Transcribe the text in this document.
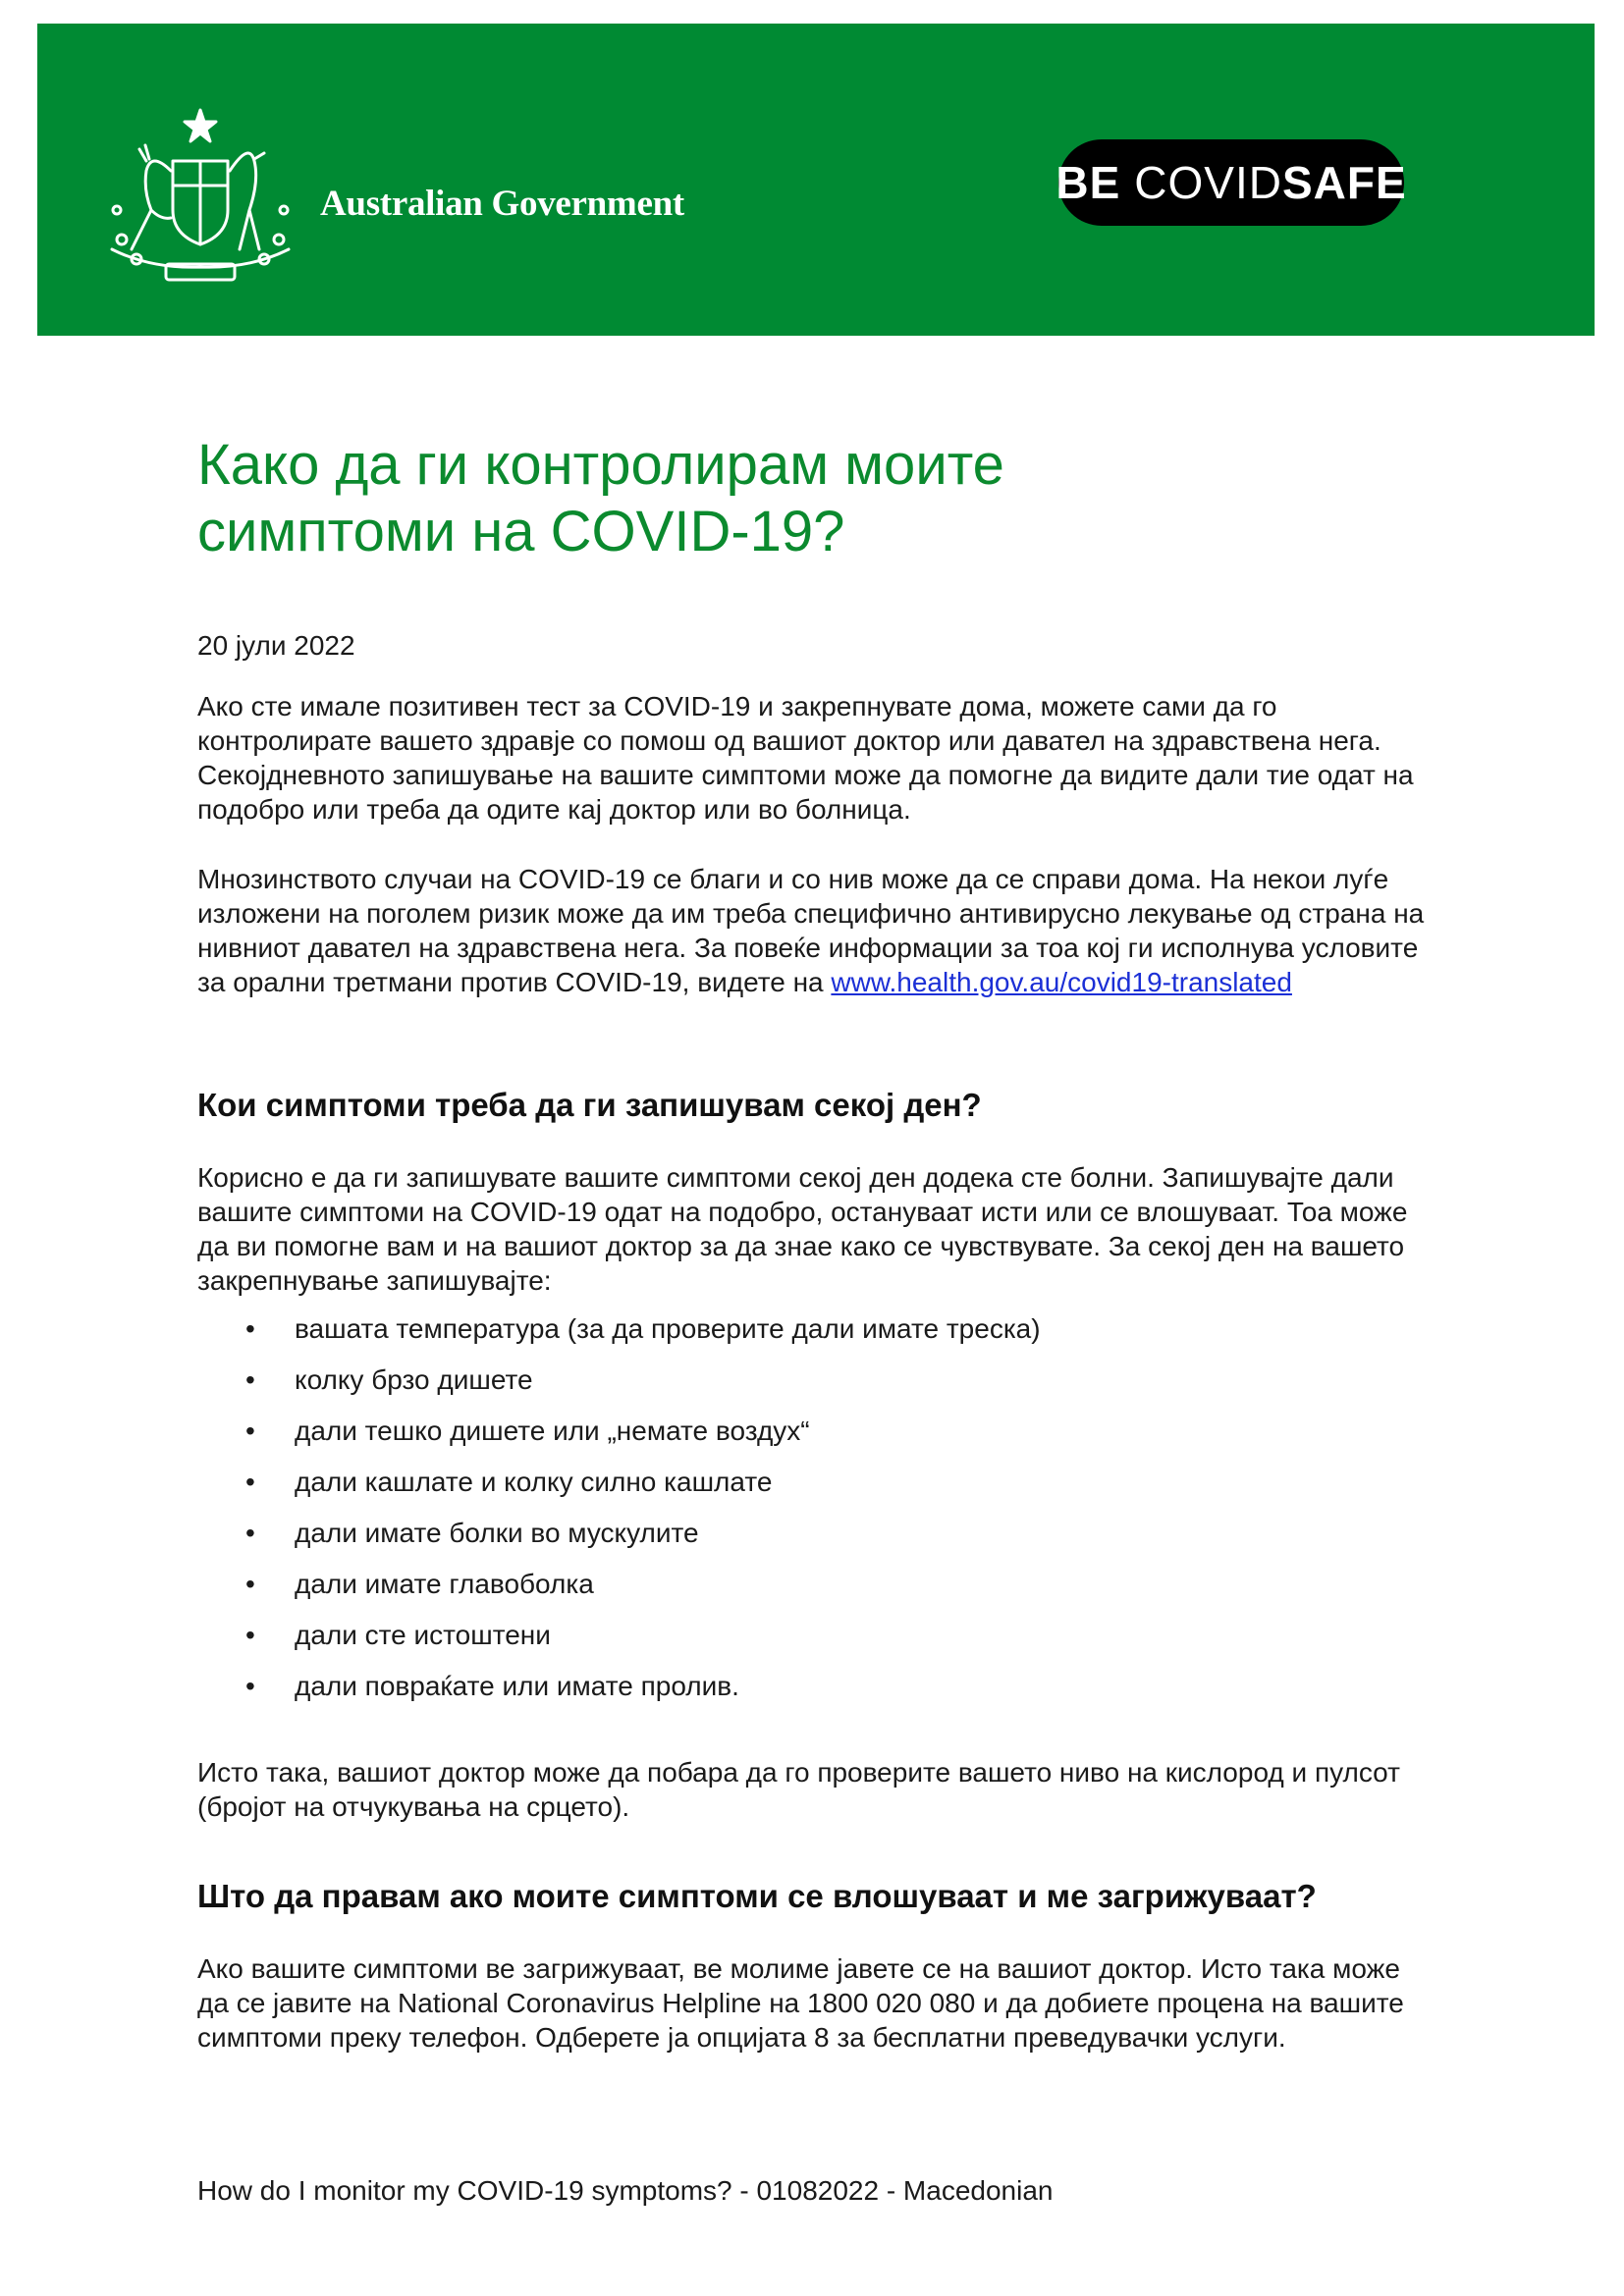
Australian Government	BE COVID SAFE
Како да ги контролирам моите
симптоми на COVID-19?
20 јули 2022

Ако сте имале позитивен тест за COVID-19 и закрепнувате дома, можете сами да го контролирате вашето здравје со помош од вашиот доктор или давател на здравствена нега. Секојдневното запишување на вашите симптоми може да помогне да видите дали тие одат на подобро или треба да одите кај доктор или во болница.

Мнозинството случаи на COVID-19 се благи и со нив може да се справи дома. На некои луѓе изложени на поголем ризик може да им треба специфично антивирусно лекување од страна на нивниот давател на здравствена нега. За повеќе информации за тоа кој ги исполнува условите за орални третмани против COVID-19, видете на www.health.gov.au/covid19-translated

Кои симптоми треба да ги запишувам секој ден?

Корисно е да ги запишувате вашите симптоми секој ден додека сте болни. Запишувајте дали вашите симптоми на COVID-19 одат на подобро, остануваат исти или се влошуваат. Тоа може да ви помогне вам и на вашиот доктор за да знае како се чувствувате. За секој ден на вашето закрепнување запишувајте:

• вашата температура (за да проверите дали имате треска)
• колку брзо дишете
• дали тешко дишете или „немате воздух“
• дали кашлате и колку силно кашлате
• дали имате болки во мускулите
• дали имате главоболка
• дали сте истоштени
• дали повраќате или имате пролив.

Исто така, вашиот доктор може да побара да го проверите вашето ниво на кислород и пулсот (бројот на отчукувања на срцето).

Што да правам ако моите симптоми се влошуваат и ме загрижуваат?

Ако вашите симптоми ве загрижуваат, ве молиме јавете се на вашиот доктор. Исто така може да се јавите на National Coronavirus Helpline на 1800 020 080 и да добиете процена на вашите симптоми преку телефон. Одберете ја опцијата 8 за бесплатни преведувачки услуги.

How do I monitor my COVID-19 symptoms? - 01082022 - Macedonian
